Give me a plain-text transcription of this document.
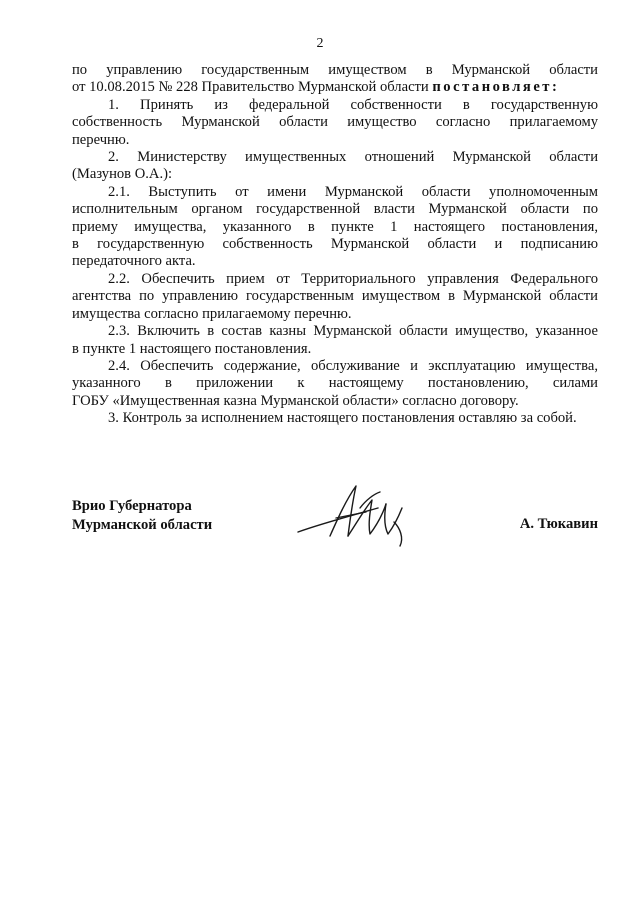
2
по управлению государственным имуществом в Мурманской области
от 10.08.2015 № 228 Правительство Мурманской области постановляет:
1. Принять из федеральной собственности в государственную
собственность Мурманской области имущество согласно прилагаемому
перечню.
2. Министерству имущественных отношений Мурманской области
(Мазунов О.А.):
2.1. Выступить от имени Мурманской области уполномоченным
исполнительным органом государственной власти Мурманской области по
приему имущества, указанного в пункте 1 настоящего постановления,
в государственную собственность Мурманской области и подписанию
передаточного акта.
2.2. Обеспечить прием от Территориального управления Федерального
агентства по управлению государственным имуществом в Мурманской области
имущества согласно прилагаемому перечню.
2.3. Включить в состав казны Мурманской области имущество, указанное
в пункте 1 настоящего постановления.
2.4. Обеспечить содержание, обслуживание и эксплуатацию имущества,
указанного в приложении к настоящему постановлению, силами
ГОБУ «Имущественная казна Мурманской области» согласно договору.
3. Контроль за исполнением настоящего постановления оставляю за собой.
Врио Губернатора
Мурманской области	А. Тюкавин
